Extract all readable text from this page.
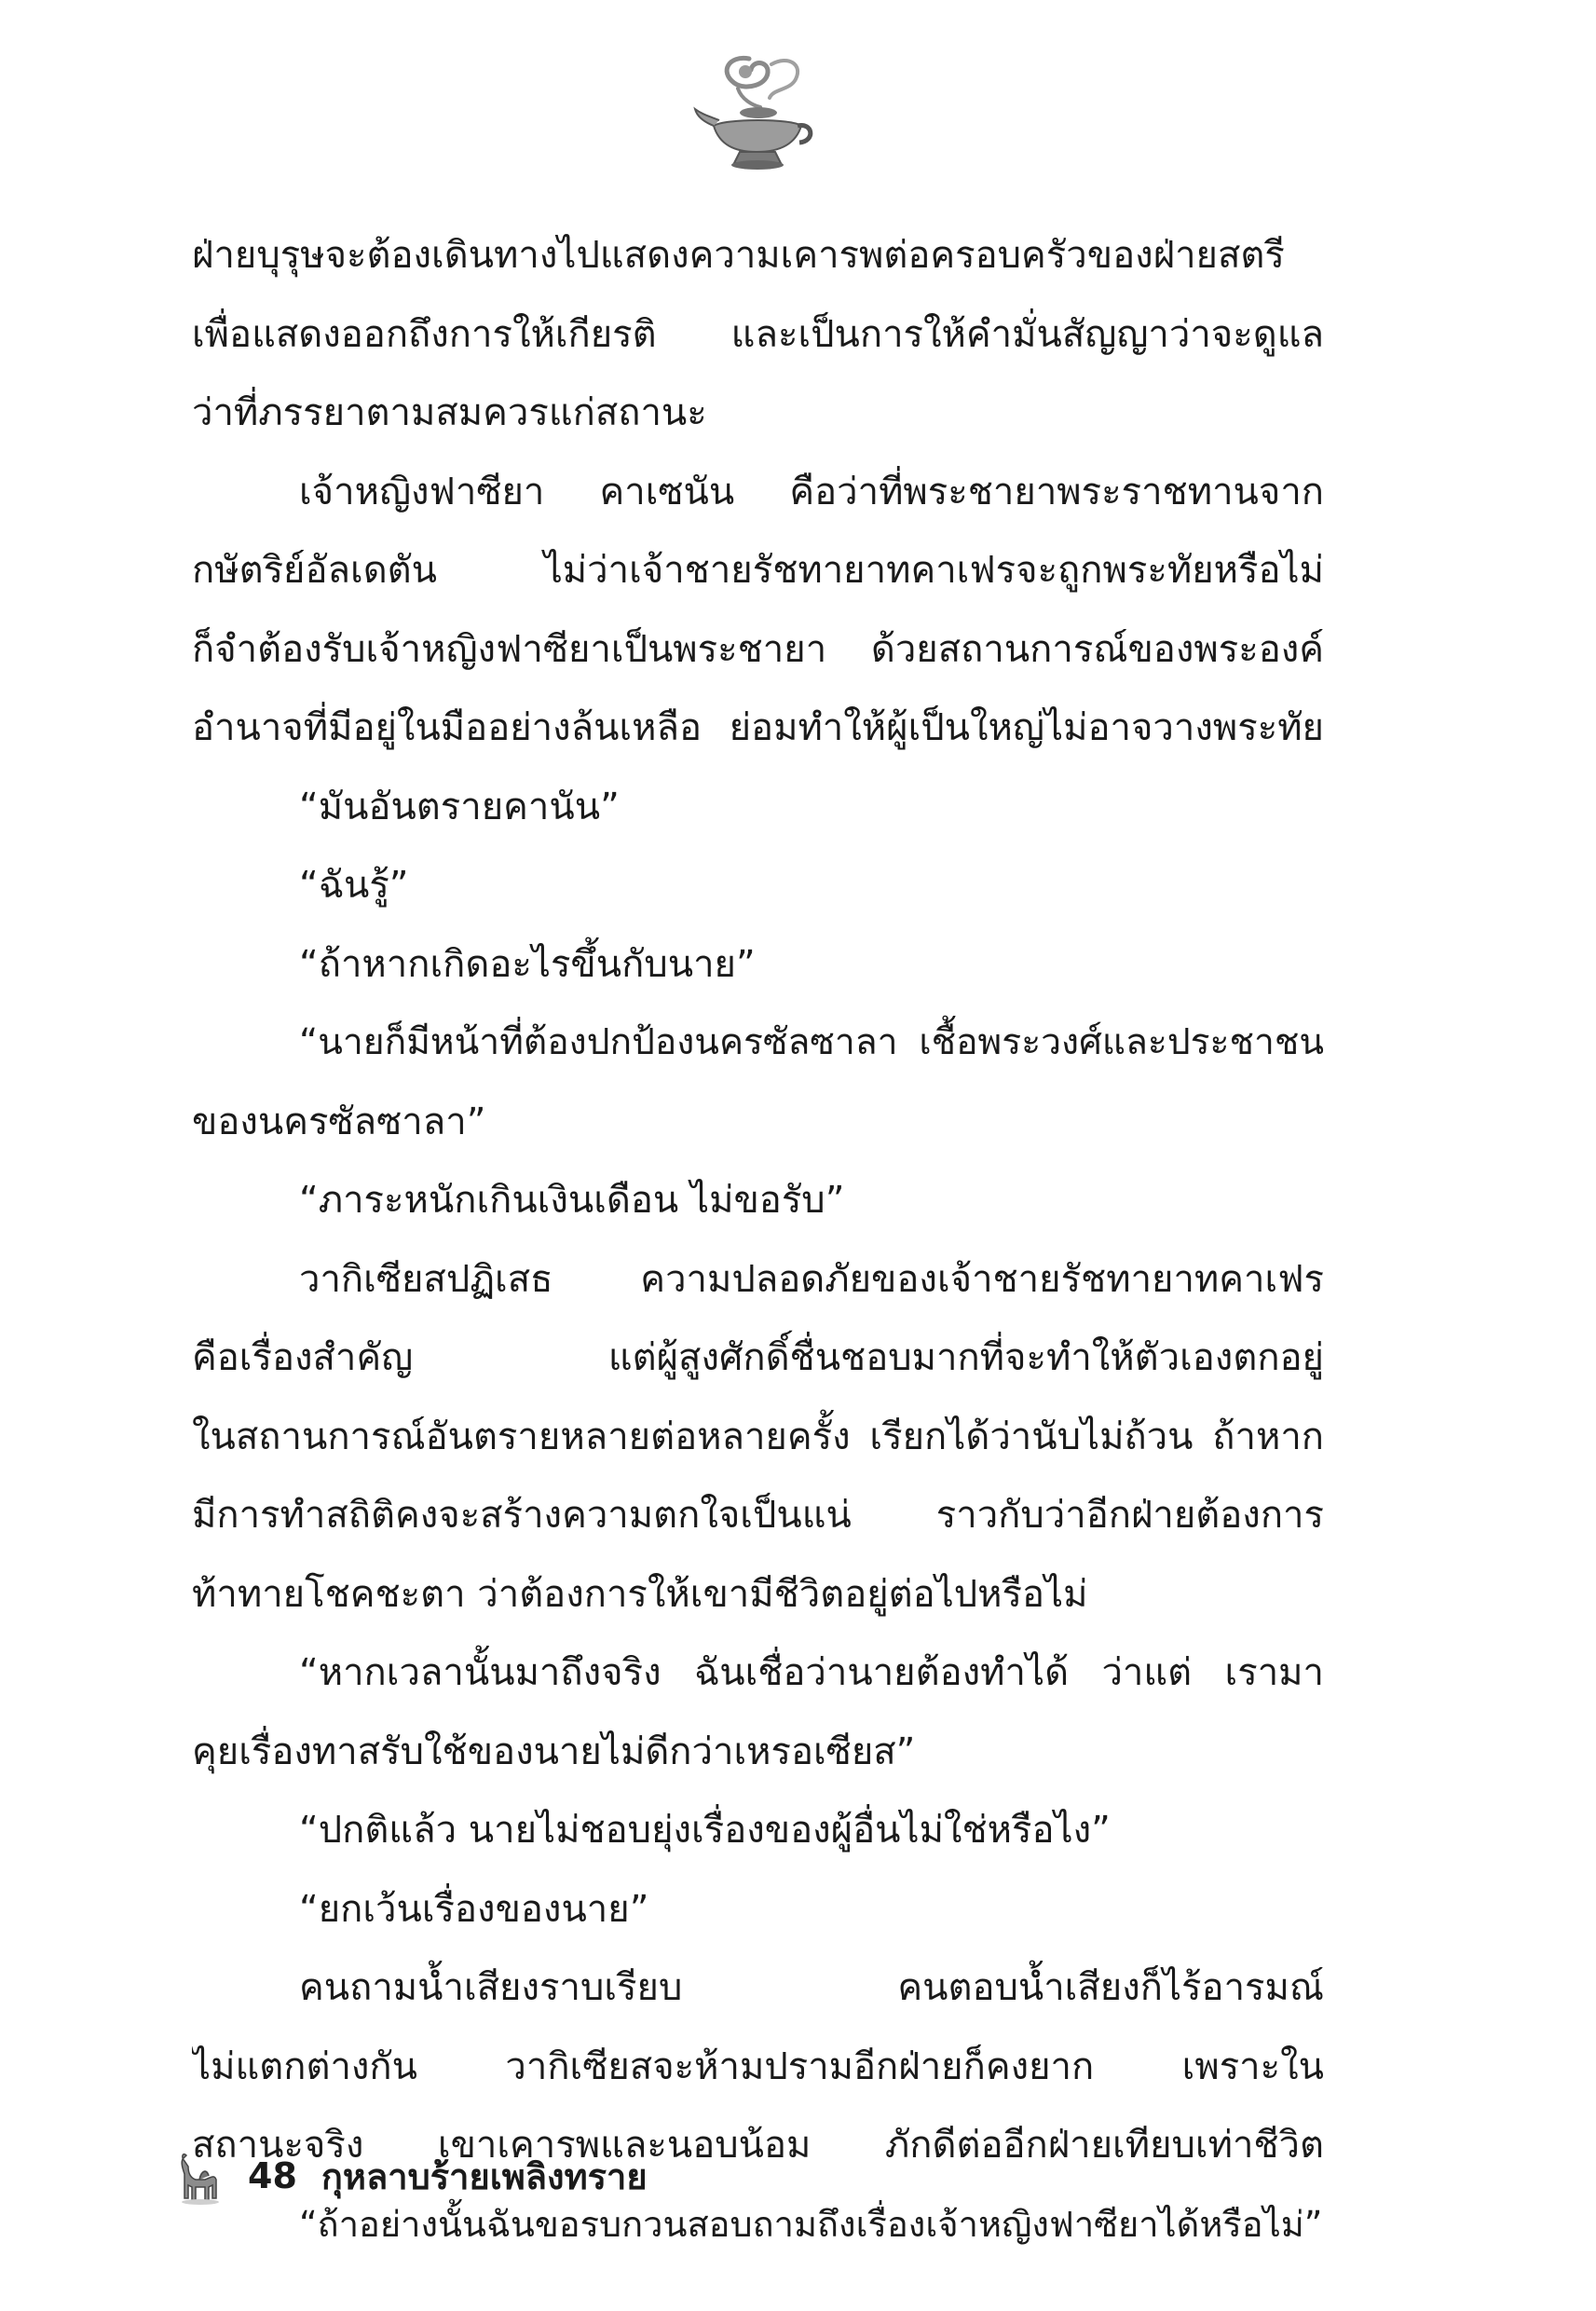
ฝ่ายบุรุษจะต้องเดินทางไปแสดงความเคารพต่อครอบครัวของฝ่ายสตรี
เพื่อแสดงออกถึงการให้เกียรติ และเป็นการให้คำมั่นสัญญาว่าจะดูแล
ว่าที่ภรรยาตามสมควรแก่สถานะ
เจ้าหญิงฟาซียา คาเซนัน คือว่าที่พระชายาพระราชทานจาก
กษัตริย์อัลเดตัน ไม่ว่าเจ้าชายรัชทายาทคาเฟรจะถูกพระทัยหรือไม่
ก็จำต้องรับเจ้าหญิงฟาซียาเป็นพระชายา ด้วยสถานการณ์ของพระองค์
อำนาจที่มีอยู่ในมืออย่างล้นเหลือ ย่อมทำให้ผู้เป็นใหญ่ไม่อาจวางพระทัย
“มันอันตรายคานัน”
“ฉันรู้”
“ถ้าหากเกิดอะไรขึ้นกับนาย”
“นายก็มีหน้าที่ต้องปกป้องนครซัลซาลา เชื้อพระวงศ์และประชาชน
ของนครซัลซาลา”
“ภาระหนักเกินเงินเดือน ไม่ขอรับ”
วากิเซียสปฏิเสธ ความปลอดภัยของเจ้าชายรัชทายาทคาเฟร
คือเรื่องสำคัญ แต่ผู้สูงศักดิ์ชื่นชอบมากที่จะทำให้ตัวเองตกอยู่
ในสถานการณ์อันตรายหลายต่อหลายครั้ง เรียกได้ว่านับไม่ถ้วน ถ้าหาก
มีการทำสถิติคงจะสร้างความตกใจเป็นแน่ ราวกับว่าอีกฝ่ายต้องการ
ท้าทายโชคชะตา ว่าต้องการให้เขามีชีวิตอยู่ต่อไปหรือไม่
“หากเวลานั้นมาถึงจริง ฉันเชื่อว่านายต้องทำได้ ว่าแต่ เรามา
คุยเรื่องทาสรับใช้ของนายไม่ดีกว่าเหรอเซียส”
“ปกติแล้ว นายไม่ชอบยุ่งเรื่องของผู้อื่นไม่ใช่หรือไง”
“ยกเว้นเรื่องของนาย”
คนถามน้ำเสียงราบเรียบ คนตอบน้ำเสียงก็ไร้อารมณ์
ไม่แตกต่างกัน วากิเซียสจะห้ามปรามอีกฝ่ายก็คงยาก เพราะใน
สถานะจริง เขาเคารพและนอบน้อม ภักดีต่ออีกฝ่ายเทียบเท่าชีวิต
“ถ้าอย่างนั้นฉันขอรบกวนสอบถามถึงเรื่องเจ้าหญิงฟาซียาได้หรือไม่”
48 กุหลาบร้ายเพลิงทราย
